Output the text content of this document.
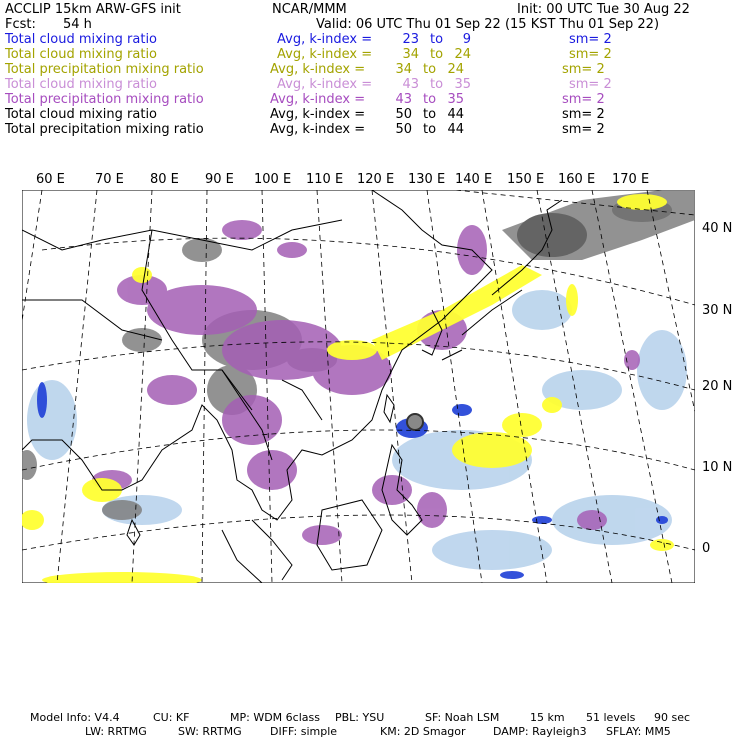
ACCLIP 15km ARW-GFS init	NCAR/MMM	Init: 00 UTC Tue 30 Aug 22
Fcst: 54 h	Valid: 06 UTC Thu 01 Sep 22 (15 KST Thu 01 Sep 22)
Total cloud mixing ratio	Avg, k-index =	23 to	9	sm= 2
Total cloud mixing ratio	Avg, k-index =	34 to 24	sm= 2
Total precipitation mixing ratio	Avg, k-index =	34 to 24	sm= 2
Total cloud mixing ratio	Avg, k-index =	43 to 35	sm= 2
Total precipitation mixing ratio	Avg, k-index =	43 to 35	sm= 2
Total cloud mixing ratio	Avg, k-index =	50 to 44	sm= 2
Total precipitation mixing ratio	Avg, k-index =	50 to 44	sm= 2
60 E 70 E 80 E 90 E 100 E 110 E 120 E 130 E 140 E 150 E 160 E 170 E
40 N
30 N
20 N
10 N
0
Model Info: V4.4	CU: KF	MP: WDM 6class PBL: YSU	SF: Noah LSM	15 km 51 levels 90 sec
LW: RRTMG	SW: RRTMG	DIFF: simple	KM: 2D Smagor DAMP: Rayleigh3 SFLAY: MM5
